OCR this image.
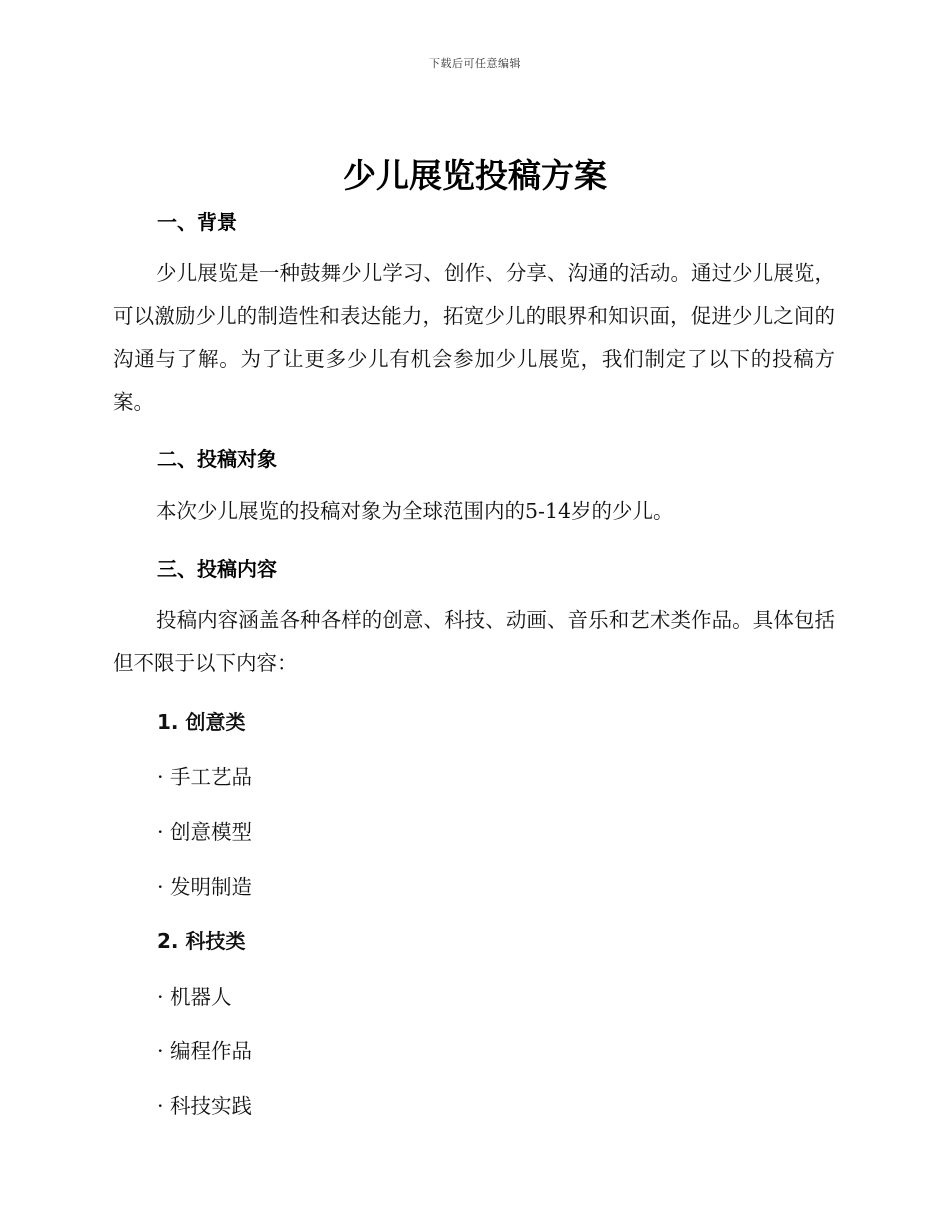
下载后可任意编辑
少儿展览投稿方案
一、背景
少儿展览是一种鼓舞少儿学习、创作、分享、沟通的活动。通过少儿展览，可以激励少儿的制造性和表达能力，拓宽少儿的眼界和知识面，促进少儿之间的沟通与了解。为了让更多少儿有机会参加少儿展览，我们制定了以下的投稿方案。
二、投稿对象
本次少儿展览的投稿对象为全球范围内的5-14岁的少儿。
三、投稿内容
投稿内容涵盖各种各样的创意、科技、动画、音乐和艺术类作品。具体包括但不限于以下内容：
1. 创意类
· 手工艺品
· 创意模型
· 发明制造
2. 科技类
· 机器人
· 编程作品
· 科技实践
